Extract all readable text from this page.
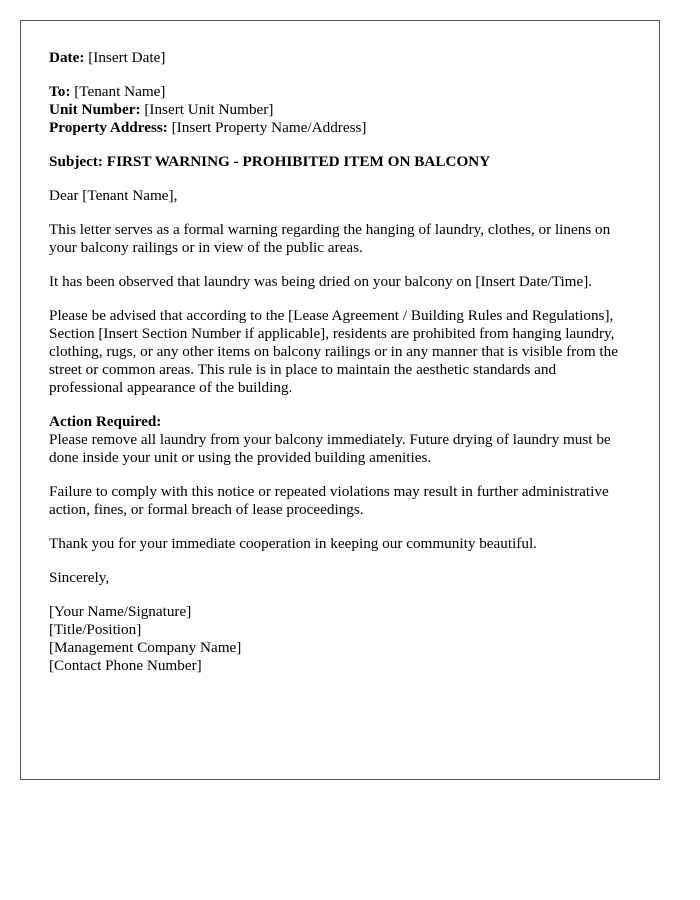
Date: [Insert Date]

To: [Tenant Name]
Unit Number: [Insert Unit Number]
Property Address: [Insert Property Name/Address]

Subject: FIRST WARNING - PROHIBITED ITEM ON BALCONY

Dear [Tenant Name],

This letter serves as a formal warning regarding the hanging of laundry, clothes, or linens on your balcony railings or in view of the public areas.

It has been observed that laundry was being dried on your balcony on [Insert Date/Time].

Please be advised that according to the [Lease Agreement / Building Rules and Regulations], Section [Insert Section Number if applicable], residents are prohibited from hanging laundry, clothing, rugs, or any other items on balcony railings or in any manner that is visible from the street or common areas. This rule is in place to maintain the aesthetic standards and professional appearance of the building.

Action Required:
Please remove all laundry from your balcony immediately. Future drying of laundry must be done inside your unit or using the provided building amenities.

Failure to comply with this notice or repeated violations may result in further administrative action, fines, or formal breach of lease proceedings.

Thank you for your immediate cooperation in keeping our community beautiful.

Sincerely,

[Your Name/Signature]
[Title/Position]
[Management Company Name]
[Contact Phone Number]
